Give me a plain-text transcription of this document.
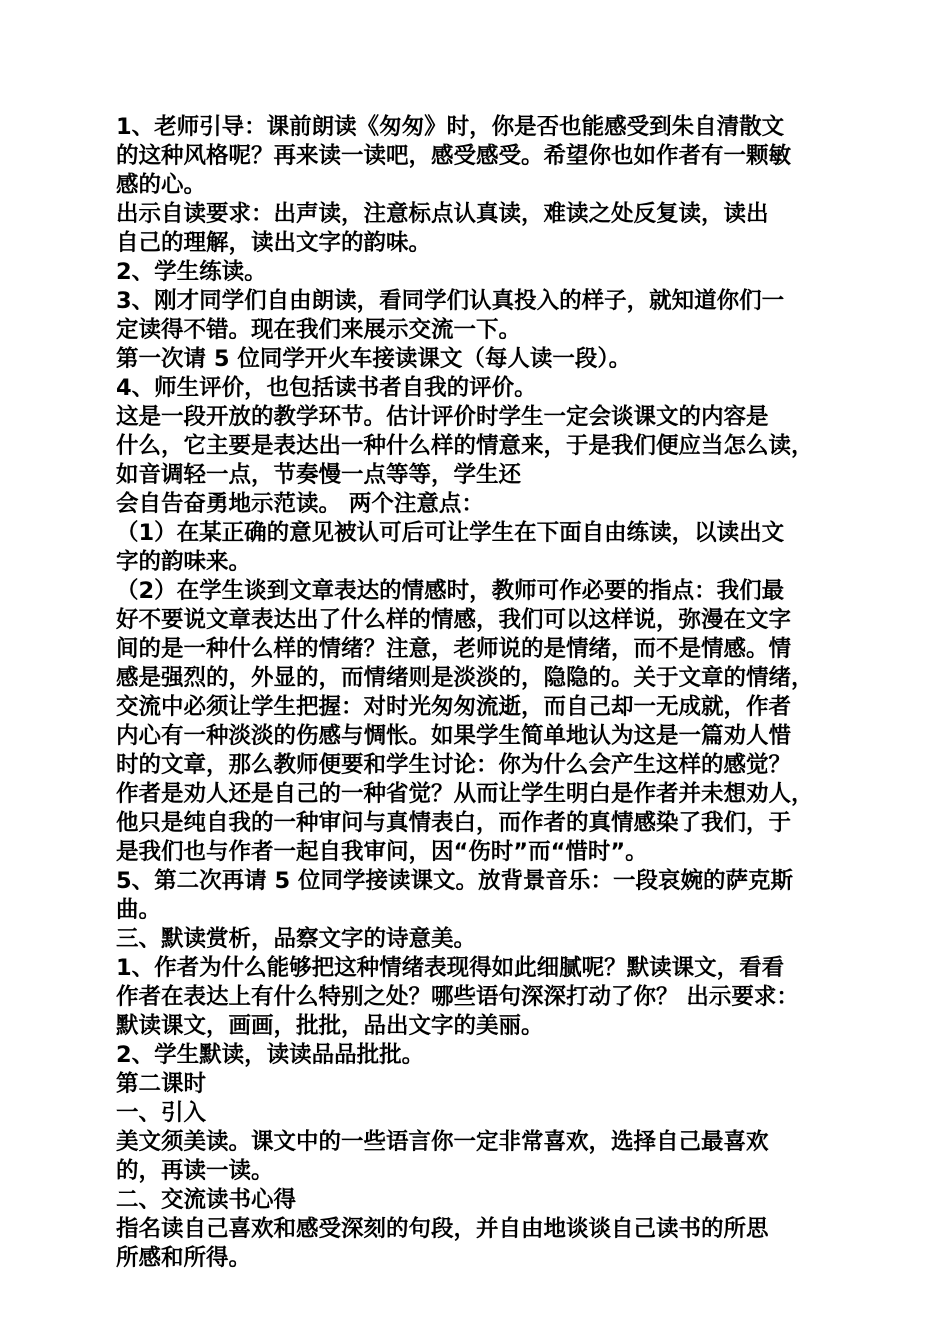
1、老师引导：课前朗读《匆匆》时，你是否也能感受到朱自清散文
的这种风格呢？再来读一读吧，感受感受。希望你也如作者有一颗敏
感的心。
出示自读要求：出声读，注意标点认真读，难读之处反复读，读出
自己的理解，读出文字的韵味。
2、学生练读。
3、刚才同学们自由朗读，看同学们认真投入的样子，就知道你们一
定读得不错。现在我们来展示交流一下。
第一次请 5 位同学开火车接读课文（每人读一段）。
4、师生评价，也包括读书者自我的评价。
这是一段开放的教学环节。估计评价时学生一定会谈课文的内容是
什么，它主要是表达出一种什么样的情意来，于是我们便应当怎么读，
如音调轻一点，节奏慢一点等等，学生还
会自告奋勇地示范读。 两个注意点：
（1）在某正确的意见被认可后可让学生在下面自由练读，以读出文
字的韵味来。
（2）在学生谈到文章表达的情感时，教师可作必要的指点：我们最
好不要说文章表达出了什么样的情感，我们可以这样说，弥漫在文字
间的是一种什么样的情绪？注意，老师说的是情绪，而不是情感。情
感是强烈的，外显的，而情绪则是淡淡的，隐隐的。关于文章的情绪，
交流中必须让学生把握：对时光匆匆流逝，而自己却一无成就，作者
内心有一种淡淡的伤感与惆怅。如果学生简单地认为这是一篇劝人惜
时的文章，那么教师便要和学生讨论：你为什么会产生这样的感觉？
作者是劝人还是自己的一种省觉？从而让学生明白是作者并未想劝人，
他只是纯自我的一种审问与真情表白，而作者的真情感染了我们，于
是我们也与作者一起自我审问，因“伤时”而“惜时”。
5、第二次再请 5 位同学接读课文。放背景音乐：一段哀婉的萨克斯
曲。
三、默读赏析，品察文字的诗意美。
1、作者为什么能够把这种情绪表现得如此细腻呢？默读课文，看看
作者在表达上有什么特别之处？哪些语句深深打动了你？ 出示要求：
默读课文，画画，批批，品出文字的美丽。
2、学生默读，读读品品批批。
第二课时
一、引入
美文须美读。课文中的一些语言你一定非常喜欢，选择自己最喜欢
的，再读一读。
二、交流读书心得
指名读自己喜欢和感受深刻的句段，并自由地谈谈自己读书的所思
所感和所得。
